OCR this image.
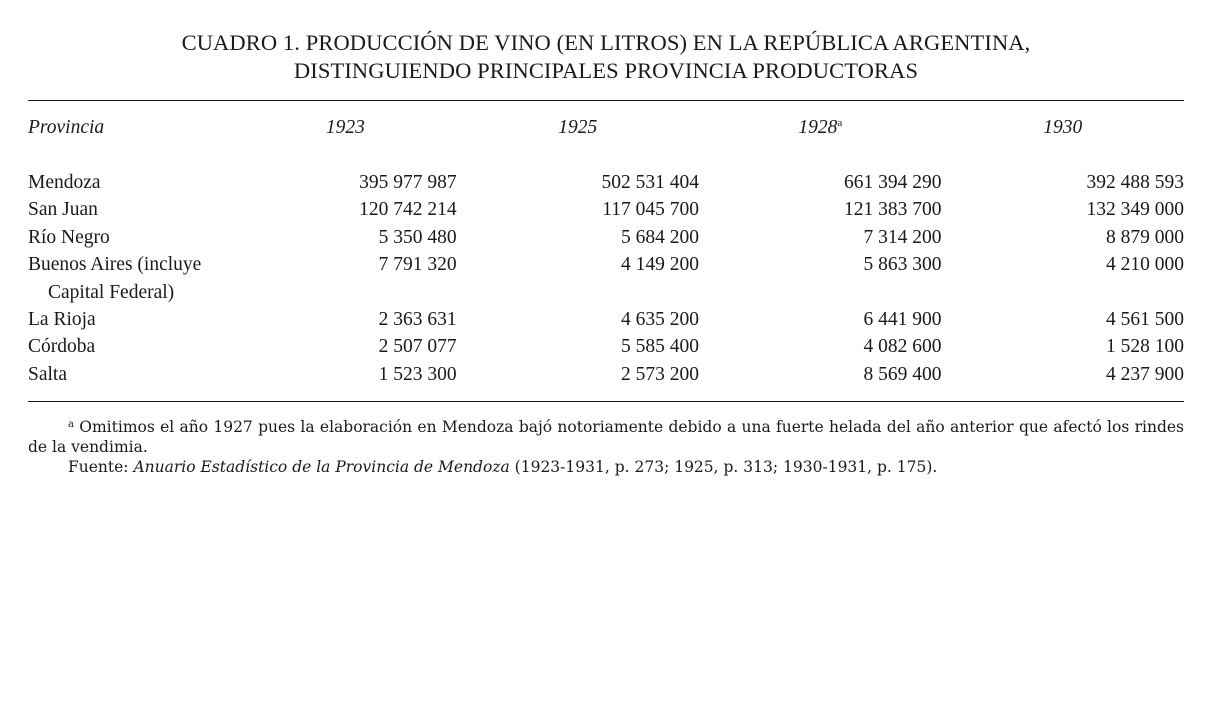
CUADRO 1. PRODUCCIÓN DE VINO (EN LITROS) EN LA REPÚBLICA ARGENTINA,
DISTINGUIENDO PRINCIPALES PROVINCIA PRODUCTORAS
Provincia	1923	1925	1928$^a$	1930

Mendoza	395 977 987	502 531 404	661 394 290	392 488 593
San Juan	120 742 214	117 045 700	121 383 700	132 349 000
Río Negro	5 350 480	5 684 200	7 314 200	8 879 000
Buenos Aires (incluye	7 791 320	4 149 200	5 863 300	4 210 000
Capital Federal)				
La Rioja	2 363 631	4 635 200	6 441 900	4 561 500
Córdoba	2 507 077	5 585 400	4 082 600	1 528 100
Salta	1 523 300	2 573 200	8 569 400	4 237 900

$^a$ Omitimos el año 1927 pues la elaboración en Mendoza bajó notoriamente debido a una fuerte helada del año anterior que afectó los rindes de la vendimia.

Fuente: Anuario Estadístico de la Provincia de Mendoza (1923-1931, p. 273; 1925, p. 313; 1930-1931, p. 175).
